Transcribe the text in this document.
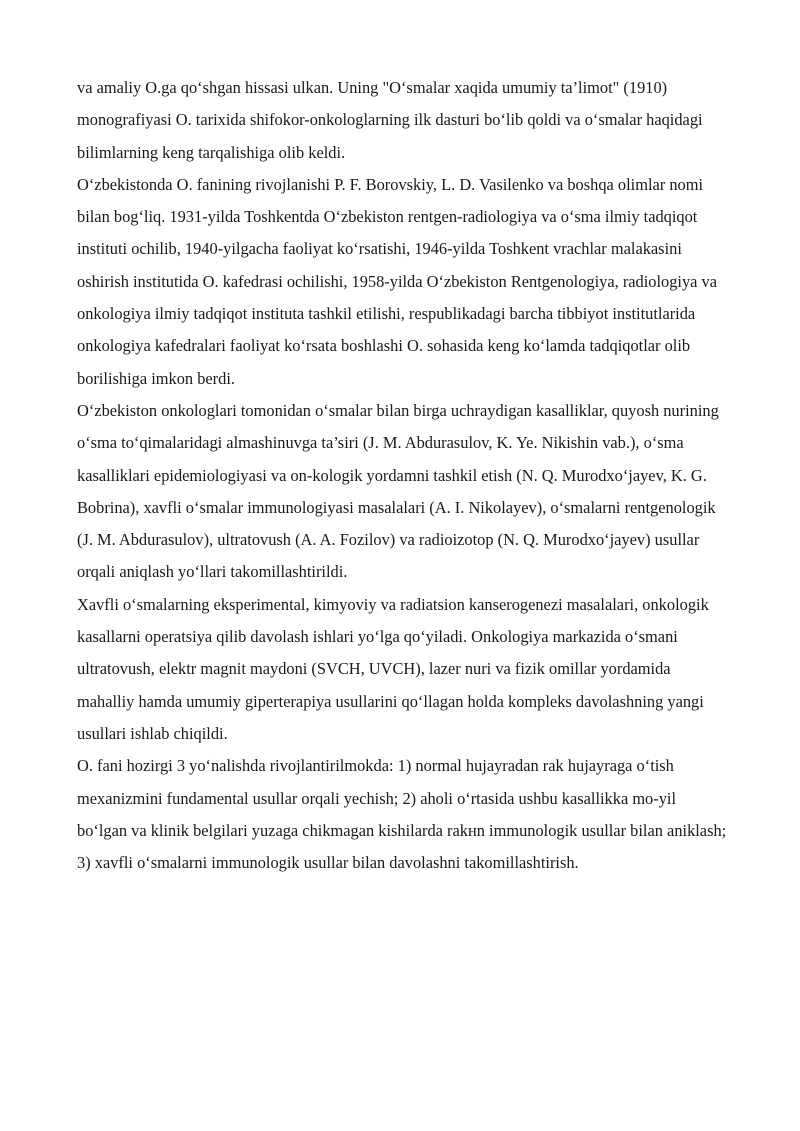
va amaliy O.ga qo‘shgan hissasi ulkan. Uning "O‘smalar xaqida umumiy ta’limot" (1910) monografiyasi O. tarixida shifokor-onkologlarning ilk dasturi bo‘lib qoldi va o‘smalar haqidagi bilimlarning keng tarqalishiga olib keldi.

O‘zbekistonda O. fanining rivojlanishi P. F. Borovskiy, L. D. Vasilenko va boshqa olimlar nomi bilan bog‘liq. 1931-yilda Toshkentda O‘zbekiston rentgen-radiologiya va o‘sma ilmiy tadqiqot instituti ochilib, 1940-yilgacha faoliyat ko‘rsatishi, 1946-yilda Toshkent vrachlar malakasini oshirish institutida O. kafedrasi ochilishi, 1958-yilda O‘zbekiston Rentgenologiya, radiologiya va onkologiya ilmiy tadqiqot instituta tashkil etilishi, respublikadagi barcha tibbiyot institutlarida onkologiya kafedralari faoliyat ko‘rsata boshlashi O. sohasida keng ko‘lamda tadqiqotlar olib borilishiga imkon berdi.

O‘zbekiston onkologlari tomonidan o‘smalar bilan birga uchraydigan kasalliklar, quyosh nurining o‘sma to‘qimalaridagi almashinuvga ta’siri (J. M. Abdurasulov, K. Ye. Nikishin vab.), o‘sma kasalliklari epidemiologiyasi va on-kologik yordamni tashkil etish (N. Q. Murodxo‘jayev, K. G. Bobrina), xavfli o‘smalar immunologiyasi masalalari (A. I. Nikolayev), o‘smalarni rentgenologik (J. M. Abdurasulov), ultratovush (A. A. Fozilov) va radioizotop (N. Q. Murodxo‘jayev) usullar orqali aniqlash yo‘llari takomillashtirildi.

Xavfli o‘smalarning eksperimental, kimyoviy va radiatsion kanserogenezi masalalari, onkologik kasallarni operatsiya qilib davolash ishlari yo‘lga qo‘yiladi. Onkologiya markazida o‘smani ultratovush, elektr magnit maydoni (SVCH, UVCH), lazer nuri va fizik omillar yordamida mahalliy hamda umumiy giperterapiya usullarini qo‘llagan holda kompleks davolashning yangi usullari ishlab chiqildi.

O. fani hozirgi 3 yo‘nalishda rivojlantirilmokda: 1) normal hujayradan rak hujayraga o‘tish mexanizmini fundamental usullar orqali yechish; 2) aholi o‘rtasida ushbu kasallikka mo-yil bo‘lgan va klinik belgilari yuzaga chikmagan kishilarda rakнn immunologik usullar bilan aniklash; 3) xavfli o‘smalarni immunologik usullar bilan davolashni takomillashtirish.
